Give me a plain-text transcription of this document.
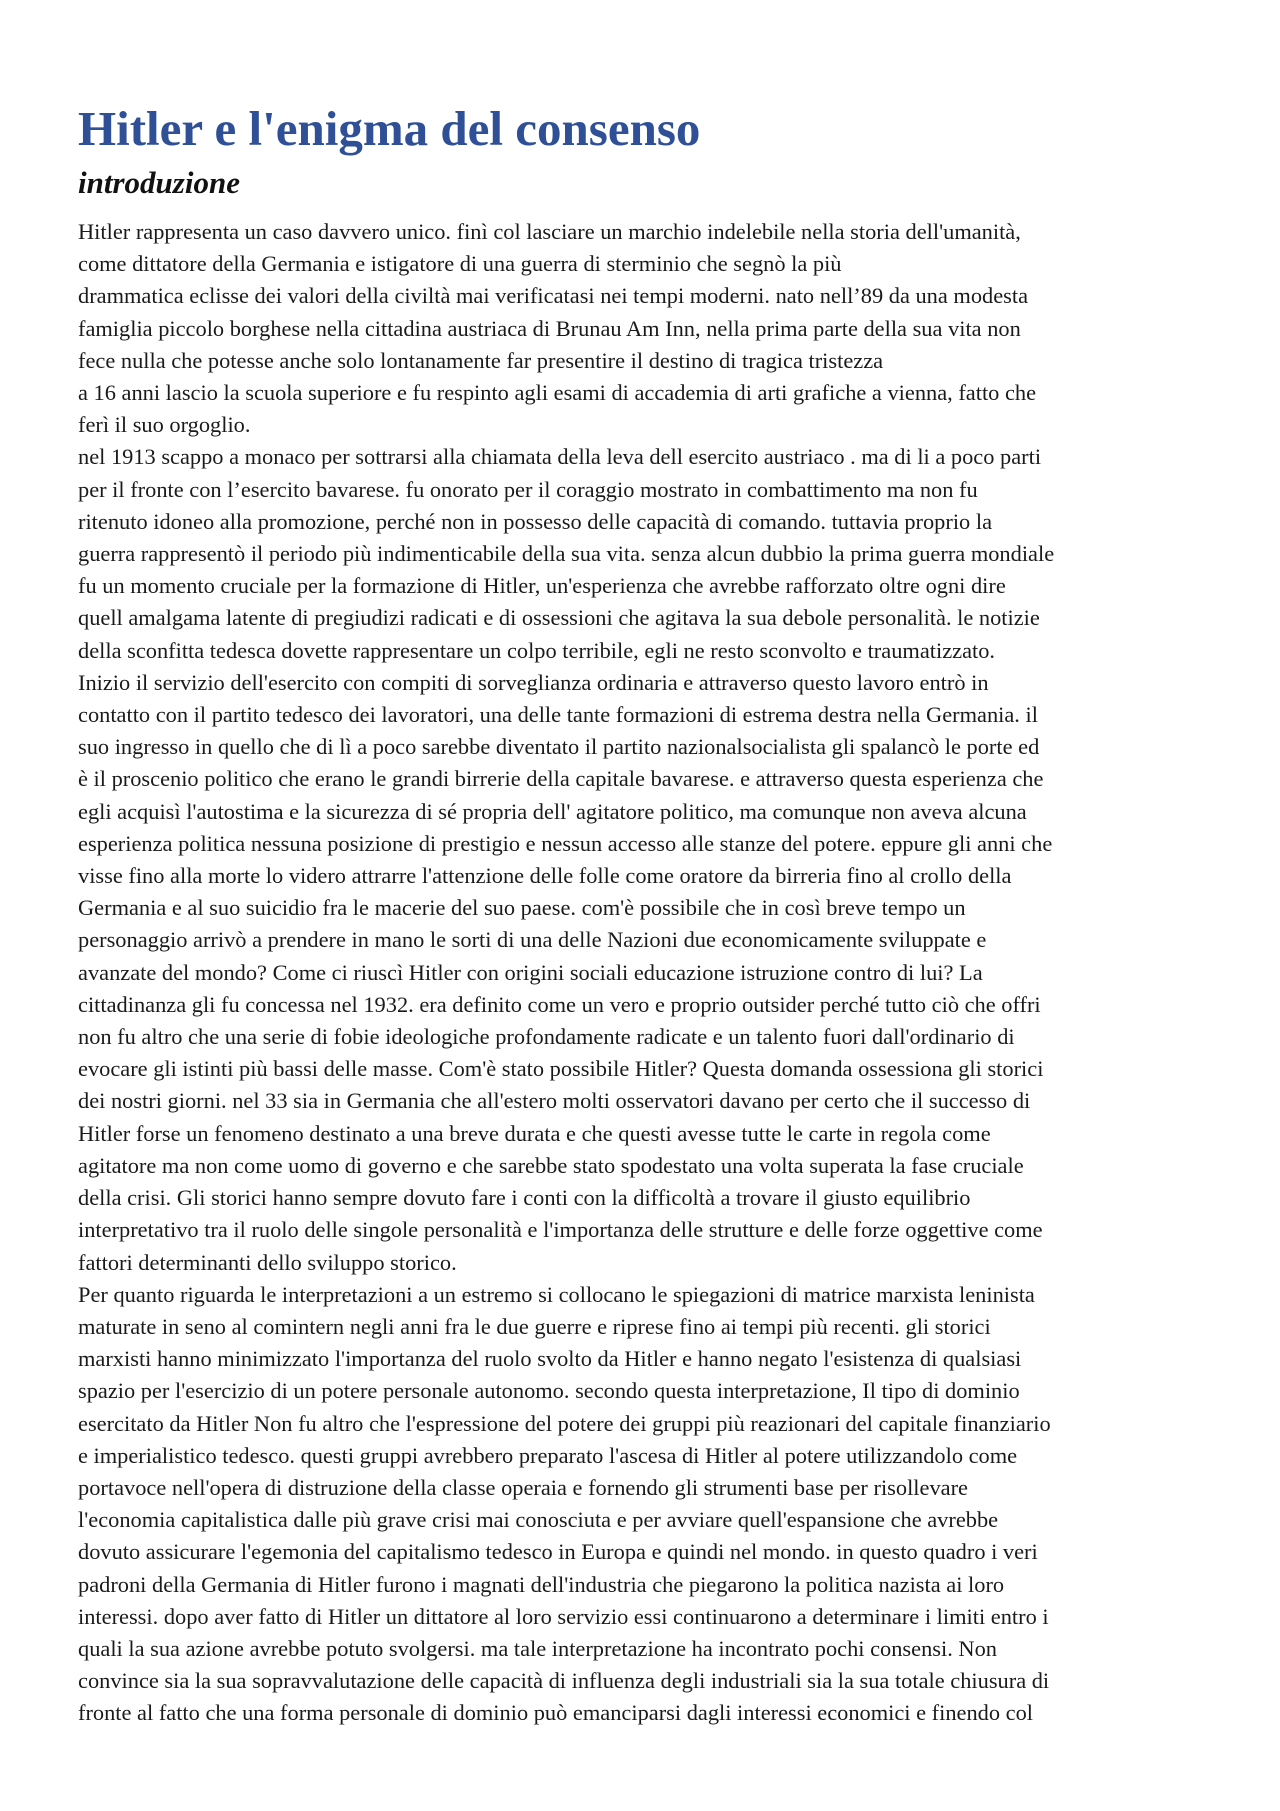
Hitler e l'enigma del consenso
introduzione
Hitler rappresenta un caso davvero unico. finì col lasciare un marchio indelebile nella storia dell'umanità,
come dittatore della Germania e istigatore di una guerra di sterminio che segnò la più
drammatica eclisse dei valori della civiltà mai verificatasi nei tempi moderni. nato nell’89 da una modesta
famiglia piccolo borghese nella cittadina austriaca di Brunau Am Inn, nella prima parte della sua vita non
fece nulla che potesse anche solo lontanamente far presentire il destino di tragica tristezza
a 16 anni lascio la scuola superiore e fu respinto agli esami di accademia di arti grafiche a vienna, fatto che
ferì il suo orgoglio.
nel 1913 scappo a monaco per sottrarsi alla chiamata della leva dell esercito austriaco . ma di li a poco parti
per il fronte con l’esercito bavarese. fu onorato per il coraggio mostrato in combattimento ma non fu
ritenuto idoneo alla promozione, perché non in possesso delle capacità di comando. tuttavia proprio la
guerra rappresentò il periodo più indimenticabile della sua vita. senza alcun dubbio la prima guerra mondiale
fu un momento cruciale per la formazione di Hitler, un'esperienza che avrebbe rafforzato oltre ogni dire
quell amalgama latente di pregiudizi radicati e di ossessioni che agitava la sua debole personalità. le notizie
della sconfitta tedesca dovette rappresentare un colpo terribile, egli ne resto sconvolto e traumatizzato.
Inizio il servizio dell'esercito con compiti di sorveglianza ordinaria e attraverso questo lavoro entrò in
contatto con il partito tedesco dei lavoratori, una delle tante formazioni di estrema destra nella Germania. il
suo ingresso in quello che di lì a poco sarebbe diventato il partito nazionalsocialista gli spalancò le porte ed
è il proscenio politico che erano le grandi birrerie della capitale bavarese. e attraverso questa esperienza che
egli acquisì l'autostima e la sicurezza di sé propria dell' agitatore politico, ma comunque non aveva alcuna
esperienza politica nessuna posizione di prestigio e nessun accesso alle stanze del potere. eppure gli anni che
visse fino alla morte lo videro attrarre l'attenzione delle folle come oratore da birreria fino al crollo della
Germania e al suo suicidio fra le macerie del suo paese. com'è possibile che in così breve tempo un
personaggio arrivò a prendere in mano le sorti di una delle Nazioni due economicamente sviluppate e
avanzate del mondo? Come ci riuscì Hitler con origini sociali educazione istruzione contro di lui? La
cittadinanza gli fu concessa nel 1932. era definito come un vero e proprio outsider perché tutto ciò che offri
non fu altro che una serie di fobie ideologiche profondamente radicate e un talento fuori dall'ordinario di
evocare gli istinti più bassi delle masse. Com'è stato possibile Hitler? Questa domanda ossessiona gli storici
dei nostri giorni. nel 33 sia in Germania che all'estero molti osservatori davano per certo che il successo di
Hitler forse un fenomeno destinato a una breve durata e che questi avesse tutte le carte in regola come
agitatore ma non come uomo di governo e che sarebbe stato spodestato una volta superata la fase cruciale
della crisi. Gli storici hanno sempre dovuto fare i conti con la difficoltà a trovare il giusto equilibrio
interpretativo tra il ruolo delle singole personalità e l'importanza delle strutture e delle forze oggettive come
fattori determinanti dello sviluppo storico.
Per quanto riguarda le interpretazioni a un estremo si collocano le spiegazioni di matrice marxista leninista
maturate in seno al comintern negli anni fra le due guerre e riprese fino ai tempi più recenti. gli storici
marxisti hanno minimizzato l'importanza del ruolo svolto da Hitler e hanno negato l'esistenza di qualsiasi
spazio per l'esercizio di un potere personale autonomo. secondo questa interpretazione, Il tipo di dominio
esercitato da Hitler Non fu altro che l'espressione del potere dei gruppi più reazionari del capitale finanziario
e imperialistico tedesco. questi gruppi avrebbero preparato l'ascesa di Hitler al potere utilizzandolo come
portavoce nell'opera di distruzione della classe operaia e fornendo gli strumenti base per risollevare
l'economia capitalistica dalle più grave crisi mai conosciuta e per avviare quell'espansione che avrebbe
dovuto assicurare l'egemonia del capitalismo tedesco in Europa e quindi nel mondo. in questo quadro i veri
padroni della Germania di Hitler furono i magnati dell'industria che piegarono la politica nazista ai loro
interessi. dopo aver fatto di Hitler un dittatore al loro servizio essi continuarono a determinare i limiti entro i
quali la sua azione avrebbe potuto svolgersi. ma tale interpretazione ha incontrato pochi consensi. Non
convince sia la sua sopravvalutazione delle capacità di influenza degli industriali sia la sua totale chiusura di
fronte al fatto che una forma personale di dominio può emanciparsi dagli interessi economici e finendo col
